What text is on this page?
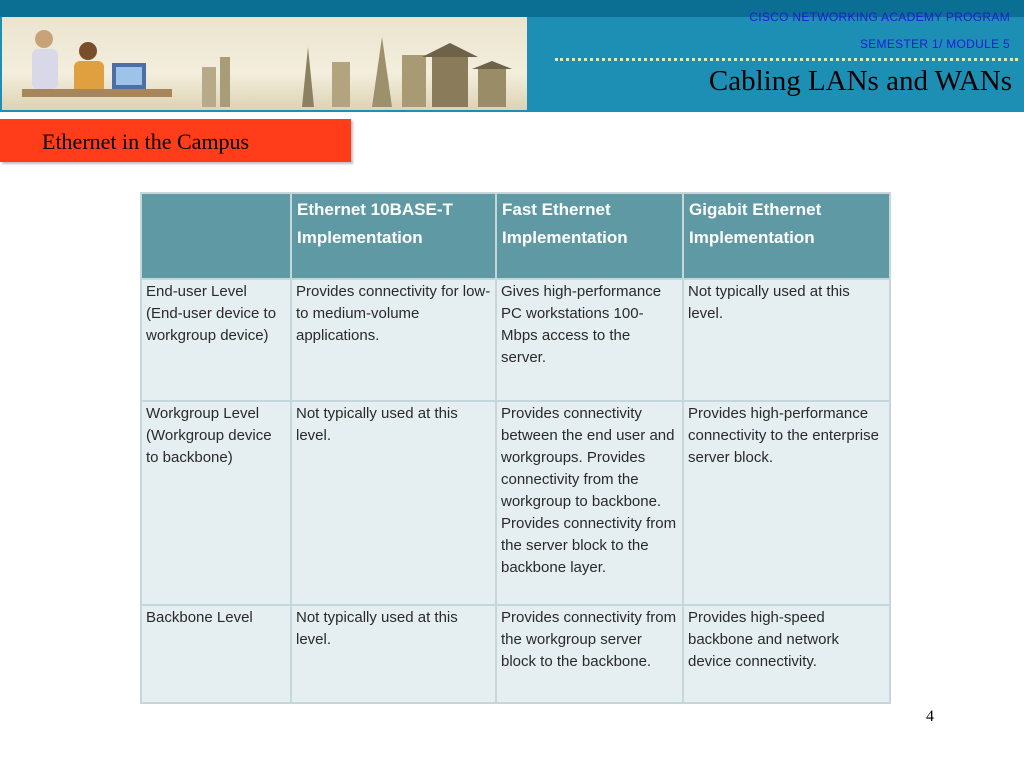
CISCO NETWORKING ACADEMY PROGRAM
SEMESTER 1/ MODULE 5
Cabling LANs and WANs
Ethernet in the Campus
	Ethernet 10BASE-T Implementation	Fast Ethernet Implementation	Gigabit Ethernet Implementation
End-user Level (End-user device to workgroup device)	Provides connectivity for low-to medium-volume applications.	Gives high-performance PC workstations 100-Mbps access to the server.	Not typically used at this level.
Workgroup Level (Workgroup device to backbone)	Not typically used at this level.	Provides connectivity between the end user and workgroups. Provides connectivity from the workgroup to backbone. Provides connectivity from the server block to the backbone layer.	Provides high-performance connectivity to the enterprise server block.
Backbone Level	Not typically used at this level.	Provides connectivity from the workgroup server block to the backbone.	Provides high-speed backbone and network device connectivity.
4
